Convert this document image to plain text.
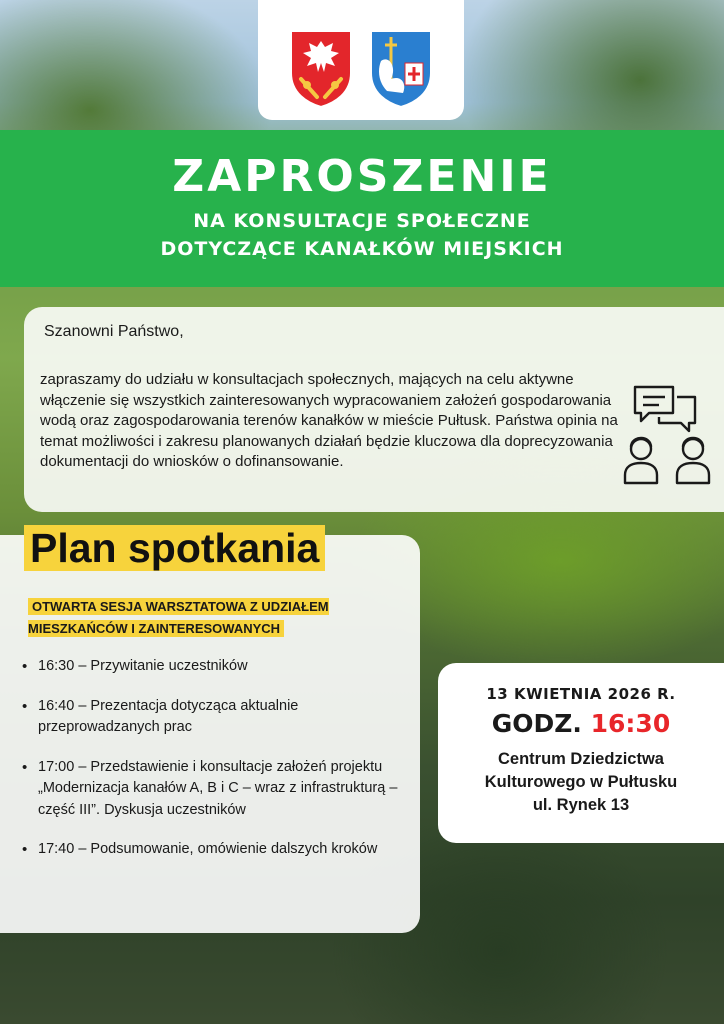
ZAPROSZENIE
NA KONSULTACJE SPOŁECZNE
DOTYCZĄCE KANAŁKÓW MIEJSKICH
Szanowni Państwo,
zapraszamy do udziału w konsultacjach społecznych, mających na celu aktywne włączenie się wszystkich zainteresowanych wypracowaniem założeń gospodarowania wodą oraz zagospodarowania terenów kanałków w mieście Pułtusk. Państwa opinia na temat możliwości i zakresu planowanych działań będzie kluczowa dla doprecyzowania dokumentacji do wniosków o dofinansowanie.
Plan spotkania
OTWARTA SESJA WARSZTATOWA Z UDZIAŁEM MIESZKAŃCÓW I ZAINTERESOWANYCH
• 16:30 – Przywitanie uczestników
• 16:40 – Prezentacja dotycząca aktualnie przeprowadzanych prac
• 17:00 – Przedstawienie i konsultacje założeń projektu „Modernizacja kanałów A, B i C – wraz z infrastrukturą – część III”. Dyskusja uczestników
• 17:40 – Podsumowanie, omówienie dalszych kroków
13 KWIETNIA 2026 R.
GODZ. 16:30
Centrum Dziedzictwa
Kulturowego w Pułtusku
ul. Rynek 13
